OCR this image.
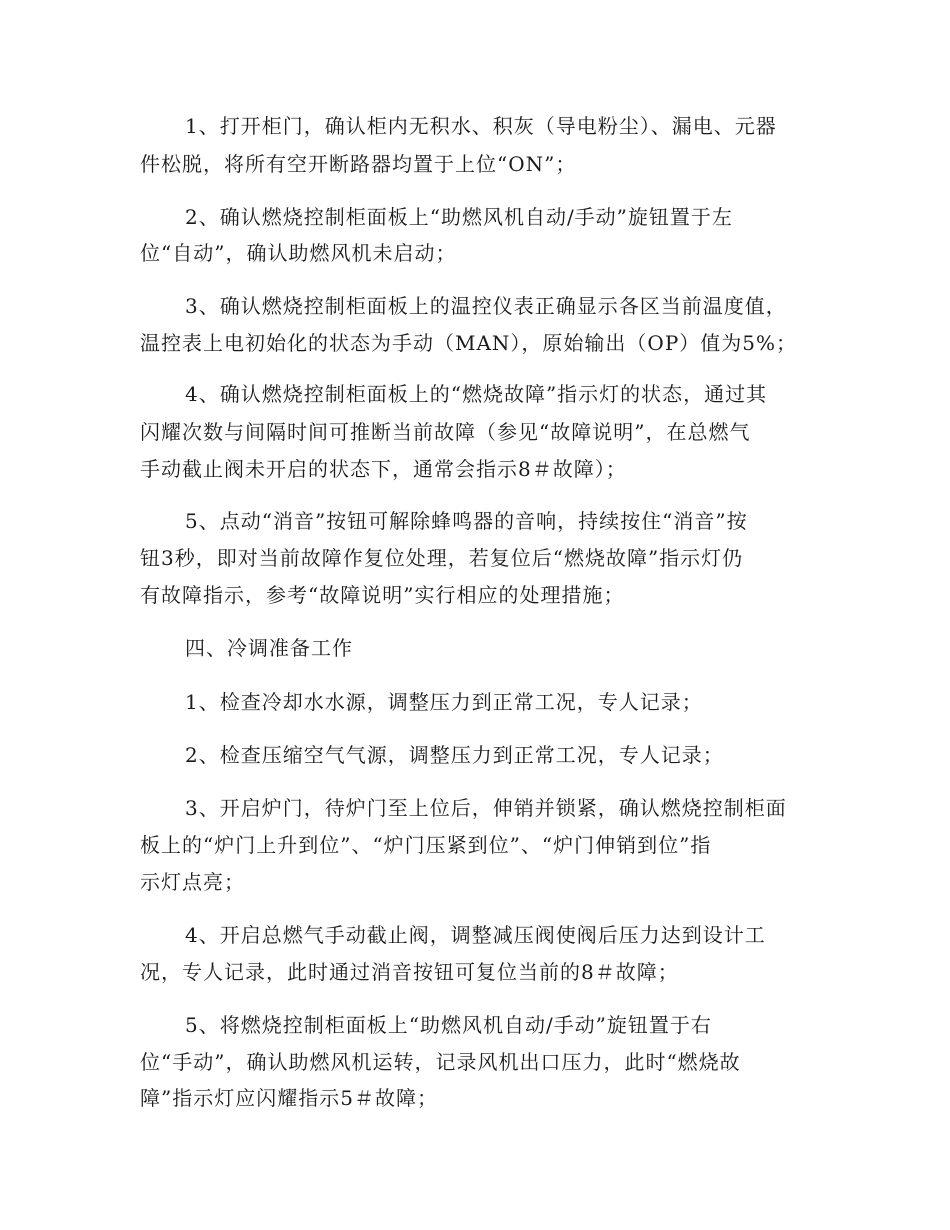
1、打开柜门，确认柜内无积水、积灰（导电粉尘）、漏电、元器
件松脱，将所有空开断路器均置于上位“ON”；
2、确认燃烧控制柜面板上“助燃风机自动/手动”旋钮置于左
位“自动”，确认助燃风机未启动；
3、确认燃烧控制柜面板上的温控仪表正确显示各区当前温度值，
温控表上电初始化的状态为手动（MAN），原始输出（OP）值为5%；
4、确认燃烧控制柜面板上的“燃烧故障”指示灯的状态，通过其
闪耀次数与间隔时间可推断当前故障（参见“故障说明”，在总燃气
手动截止阀未开启的状态下，通常会指示8＃故障）；
5、点动“消音”按钮可解除蜂鸣器的音响，持续按住“消音”按
钮3秒，即对当前故障作复位处理，若复位后“燃烧故障”指示灯仍
有故障指示，参考“故障说明”实行相应的处理措施；
四、冷调准备工作
1、检查冷却水水源，调整压力到正常工况，专人记录；
2、检查压缩空气气源，调整压力到正常工况，专人记录；
3、开启炉门，待炉门至上位后，伸销并锁紧，确认燃烧控制柜面
板上的“炉门上升到位”、“炉门压紧到位”、“炉门伸销到位”指
示灯点亮；
4、开启总燃气手动截止阀，调整减压阀使阀后压力达到设计工
况，专人记录，此时通过消音按钮可复位当前的8＃故障；
5、将燃烧控制柜面板上“助燃风机自动/手动”旋钮置于右
位“手动”，确认助燃风机运转，记录风机出口压力，此时“燃烧故
障”指示灯应闪耀指示5＃故障；
